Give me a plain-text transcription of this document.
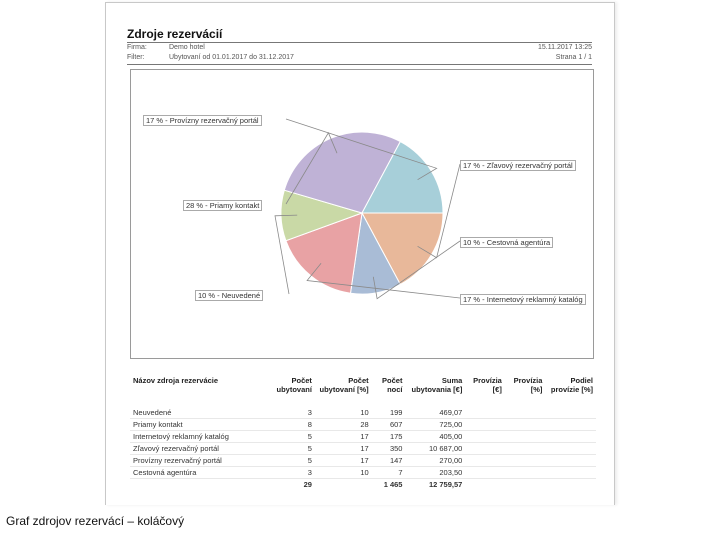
Zdroje rezervácií
Firma:	Demo hotel
Filter:	Ubytovaní od 01.01.2017 do 31.12.2017
15.11.2017 13:25
Strana 1 / 1
17 % - Provízny rezervačný portál
17 % - Zľavový rezervačný portál
28 % - Priamy kontakt
10 % - Cestovná agentúra
10 % - Neuvedené	17 % - Internetový reklamný katalóg
Názov zdroja rezervácie	Počet ubytovaní	Počet ubytovaní [%]	Počet nocí	Suma ubytovania [€]	Provízia [€]	Provízia [%]	Podiel provízie [%]
Neuvedené	3	10	199	469,07			
Priamy kontakt	8	28	607	725,00			
Internetový reklamný katalóg	5	17	175	405,00			
Zľavový rezervačný portál	5	17	350	10 687,00			
Provízny rezervačný portál	5	17	147	270,00			
Cestovná agentúra	3	10	7	203,50			
	29		1 465	12 759,57			
Graf zdrojov rezervácí – koláčový
